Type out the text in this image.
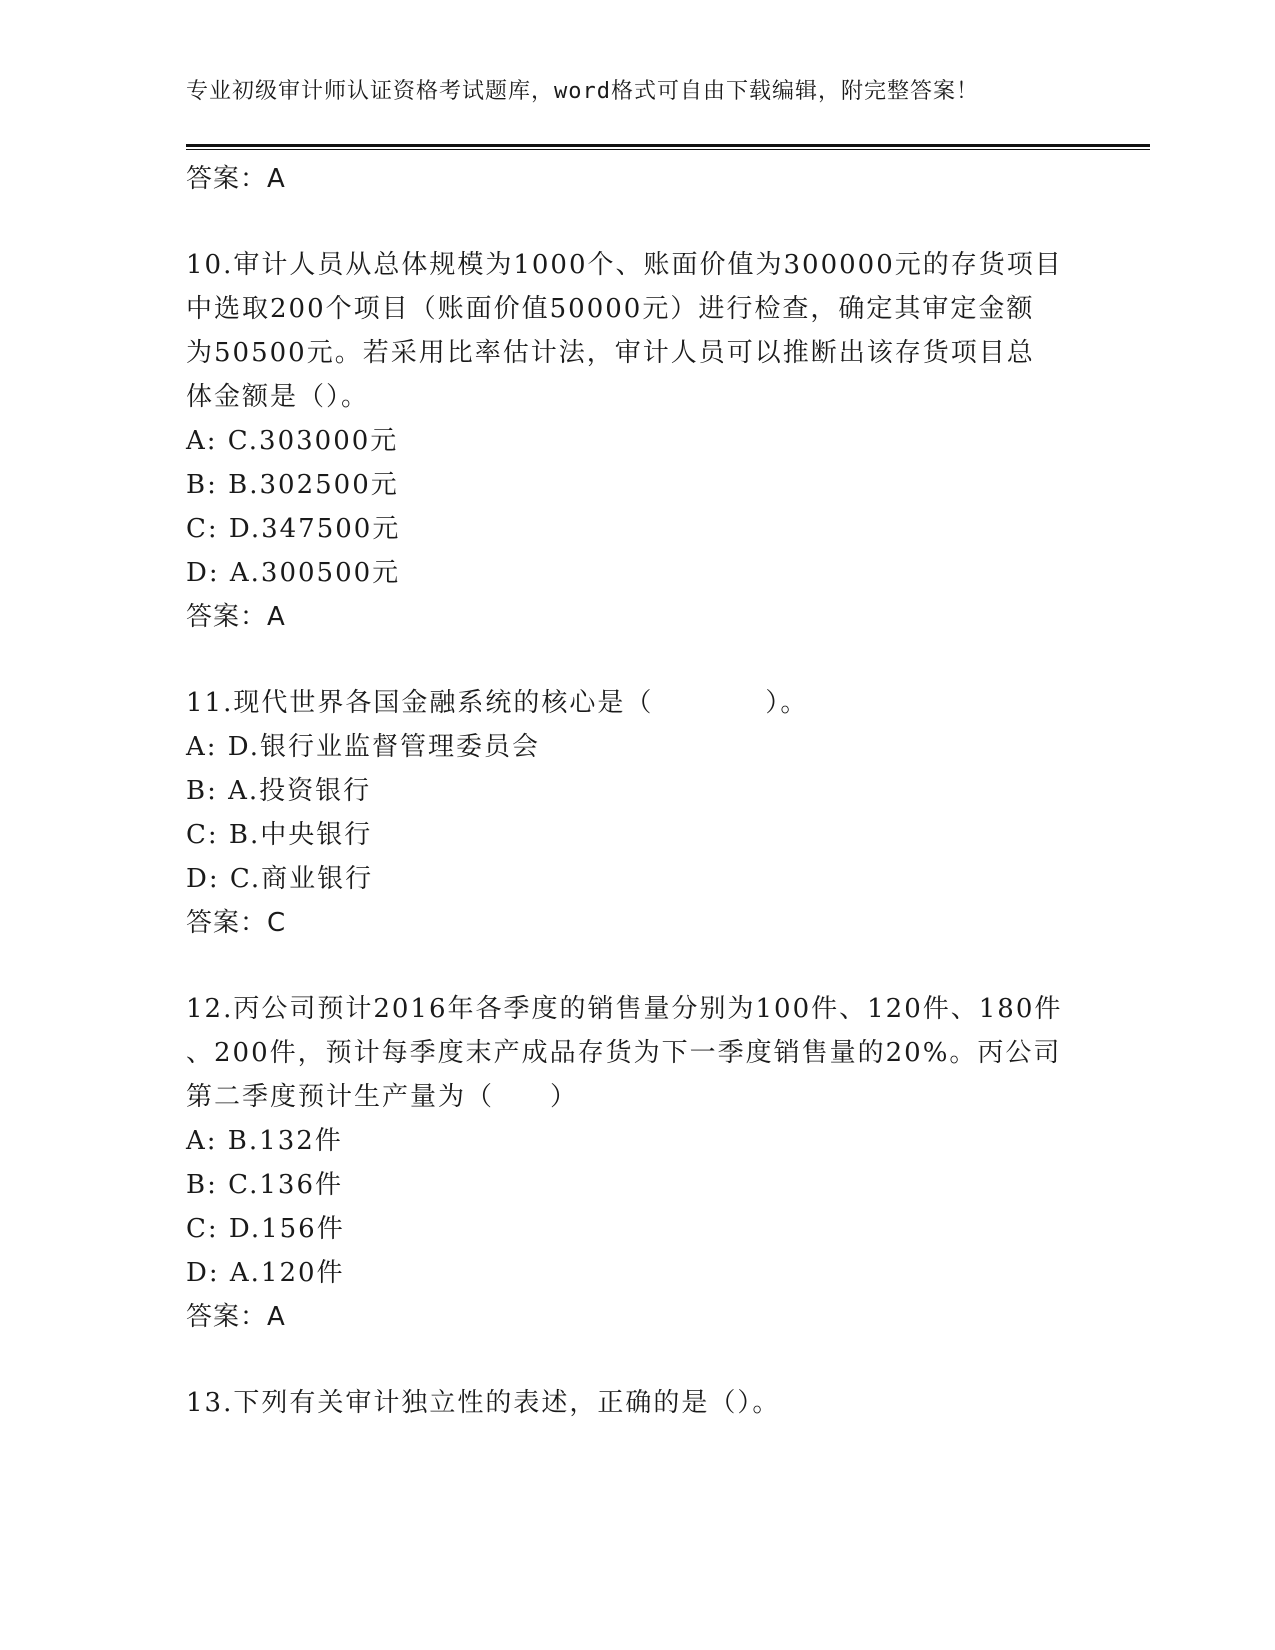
专业初级审计师认证资格考试题库，word格式可自由下载编辑，附完整答案！
答案：A
10.审计人员从总体规模为1000个、账面价值为300000元的存货项目
中选取200个项目（账面价值50000元）进行检查，确定其审定金额
为50500元。若采用比率估计法，审计人员可以推断出该存货项目总
体金额是（）。
A: C.303000元
B: B.302500元
C: D.347500元
D: A.300500元
答案：A
11.现代世界各国金融系统的核心是（　　　　）。
A: D.银行业监督管理委员会
B: A.投资银行
C: B.中央银行
D: C.商业银行
答案：C
12.丙公司预计2016年各季度的销售量分别为100件、120件、180件
、200件，预计每季度末产成品存货为下一季度销售量的20%。丙公司
第二季度预计生产量为（　　）
A: B.132件
B: C.136件
C: D.156件
D: A.120件
答案：A
13.下列有关审计独立性的表述，正确的是（）。
